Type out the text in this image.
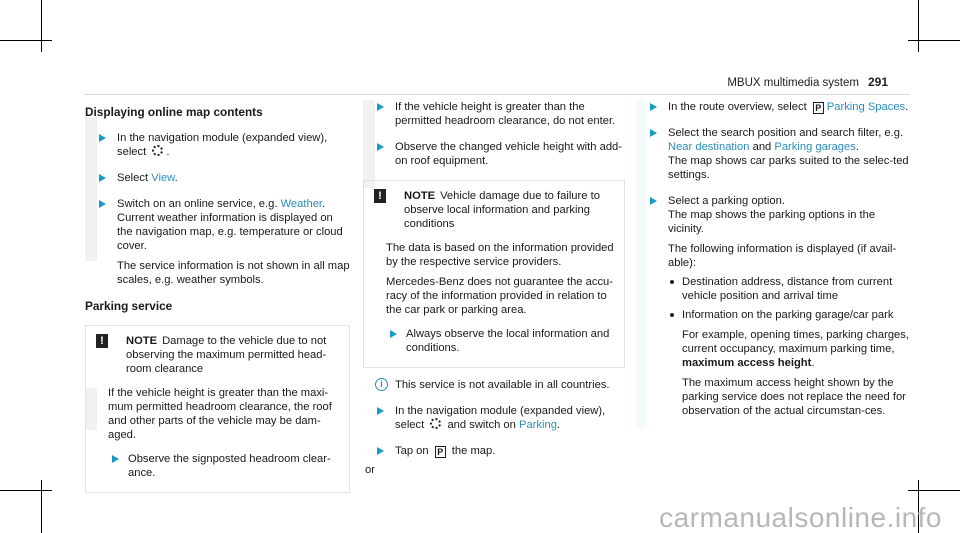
MBUX multimedia system 291
Displaying online map contents

In the navigation module (expanded view), select .

Select View.

Switch on an online service, e.g. Weather.
Current weather information is displayed on the navigation map, e.g. temperature or cloud cover.

The service information is not shown in all map scales, e.g. weather symbols.

Parking service
!	NOTE Damage to the vehicle due to not observing the maximum permitted head-room clearance

If the vehicle height is greater than the maxi-mum permitted headroom clearance, the roof and other parts of the vehicle may be dam-aged.

Observe the signposted headroom clear-ance.

If the vehicle height is greater than the permitted headroom clearance, do not enter.

Observe the changed vehicle height with add-on roof equipment.

!	NOTE Vehicle damage due to failure to observe local information and parking conditions

The data is based on the information provided by the respective service providers.

Mercedes-Benz does not guarantee the accu-racy of the information provided in relation to the car park or parking area.

Always observe the local information and conditions.

i	This service is not available in all countries.

In the navigation module (expanded view), select  and switch on Parking.

Tap on P the map.

or

In the route overview, select P Parking Spaces.

Select the search position and search filter, e.g. Near destination and Parking garages.
The map shows car parks suited to the selec-ted settings.

Select a parking option.
The map shows the parking options in the vicinity.

The following information is displayed (if avail-able):

Destination address, distance from current vehicle position and arrival time

Information on the parking garage/car park

For example, opening times, parking charges, current occupancy, maximum parking time, maximum access height.

The maximum access height shown by the parking service does not replace the need for observation of the actual circumstan-ces.

carmanualsonline.info
